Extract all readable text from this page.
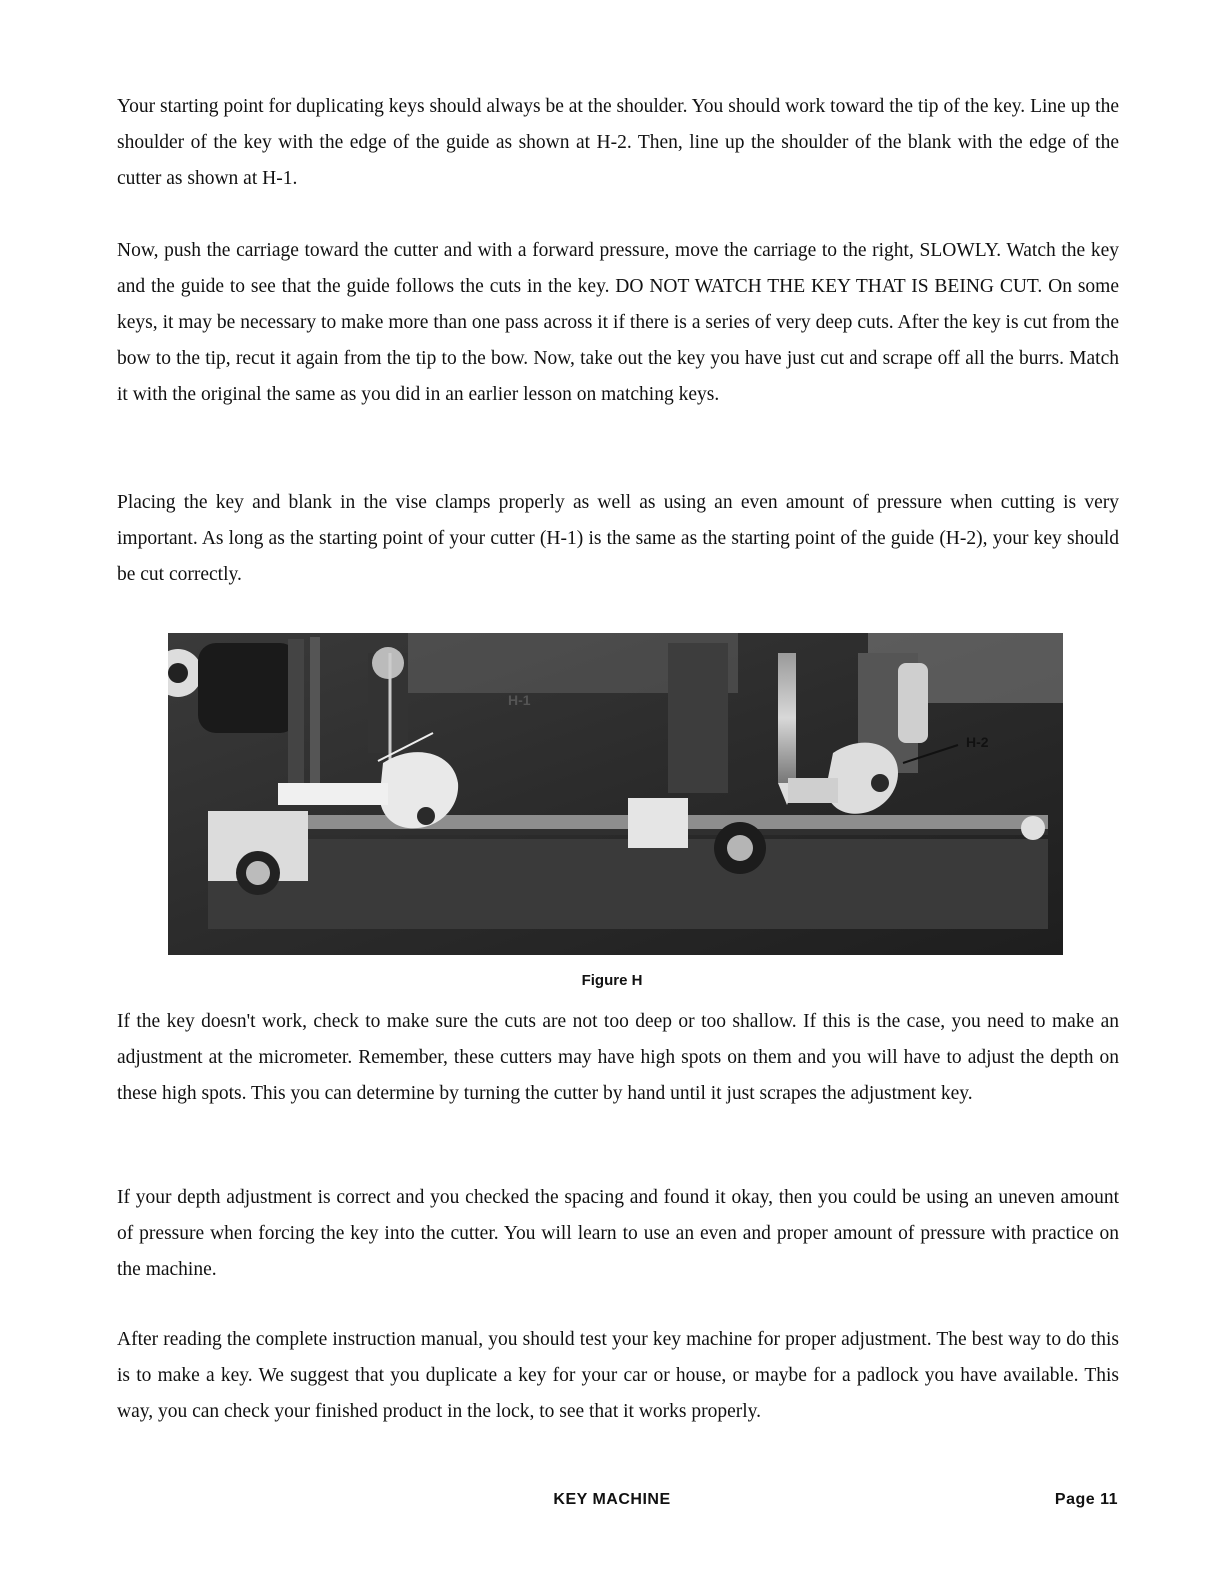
Your starting point for duplicating keys should always be at the shoulder. You should work toward the tip of the key. Line up the shoulder of the key with the edge of the guide as shown at H-2. Then, line up the shoulder of the blank with the edge of the cutter as shown at H-1.

Now, push the carriage toward the cutter and with a forward pressure, move the carriage to the right, SLOWLY. Watch the key and the guide to see that the guide follows the cuts in the key. DO NOT WATCH THE KEY THAT IS BEING CUT. On some keys, it may be necessary to make more than one pass across it if there is a series of very deep cuts. After the key is cut from the bow to the tip, recut it again from the tip to the bow. Now, take out the key you have just cut and scrape off all the burrs. Match it with the original the same as you did in an earlier lesson on matching keys.

Placing the key and blank in the vise clamps properly as well as using an even amount of pressure when cutting is very important. As long as the starting point of your cutter (H-1) is the same as the starting point of the guide (H-2), your key should be cut correctly.

H-1
H-2
Figure H

If the key doesn't work, check to make sure the cuts are not too deep or too shallow. If this is the case, you need to make an adjustment at the micrometer. Remember, these cutters may have high spots on them and you will have to adjust the depth on these high spots. This you can determine by turning the cutter by hand until it just scrapes the adjustment key.

If your depth adjustment is correct and you checked the spacing and found it okay, then you could be using an uneven amount of pressure when forcing the key into the cutter. You will learn to use an even and proper amount of pressure with practice on the machine.

After reading the complete instruction manual, you should test your key machine for proper adjustment. The best way to do this is to make a key. We suggest that you duplicate a key for your car or house, or maybe for a padlock you have available. This way, you can check your finished product in the lock, to see that it works properly.

KEY MACHINE	Page 11
